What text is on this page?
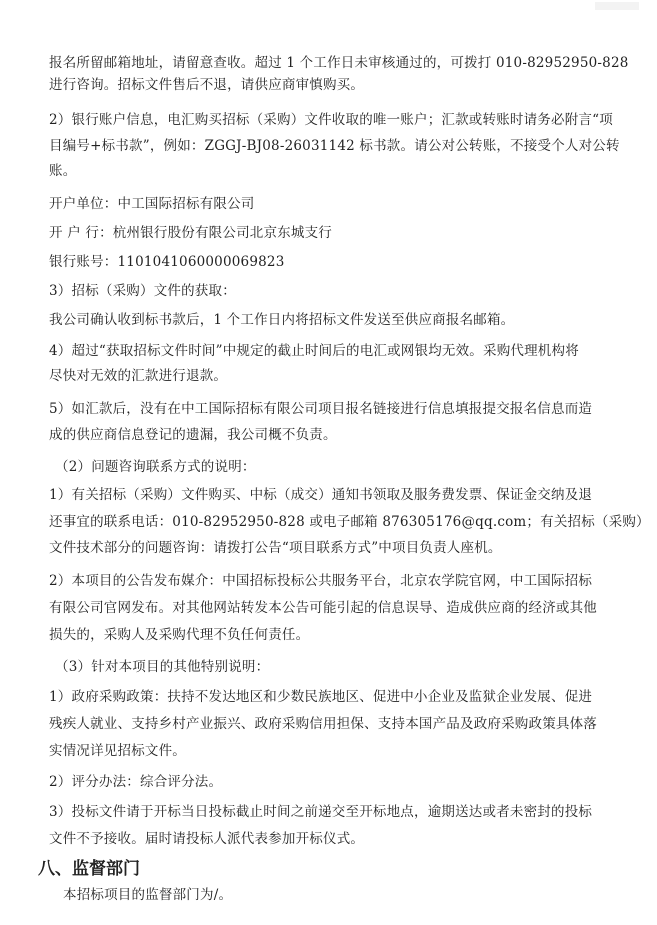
报名所留邮箱地址，请留意查收。超过 1 个工作日未审核通过的，可拨打 010-82952950-828
进行咨询。招标文件售后不退，请供应商审慎购买。
2）银行账户信息，电汇购买招标（采购）文件收取的唯一账户；汇款或转账时请务必附言“项
目编号+标书款”，例如：ZGGJ-BJ08-26031142 标书款。请公对公转账，不接受个人对公转
账。
开户单位：中工国际招标有限公司
开 户 行：杭州银行股份有限公司北京东城支行
银行账号：1101041060000069823
3）招标（采购）文件的获取：
我公司确认收到标书款后，1 个工作日内将招标文件发送至供应商报名邮箱。
4）超过“获取招标文件时间”中规定的截止时间后的电汇或网银均无效。采购代理机构将
尽快对无效的汇款进行退款。
5）如汇款后，没有在中工国际招标有限公司项目报名链接进行信息填报提交报名信息而造
成的供应商信息登记的遗漏，我公司概不负责。
（2）问题咨询联系方式的说明：
1）有关招标（采购）文件购买、中标（成交）通知书领取及服务费发票、保证金交纳及退
还事宜的联系电话：010-82952950-828 或电子邮箱 876305176@qq.com；有关招标（采购）
文件技术部分的问题咨询：请拨打公告“项目联系方式”中项目负责人座机。
2）本项目的公告发布媒介：中国招标投标公共服务平台，北京农学院官网，中工国际招标
有限公司官网发布。对其他网站转发本公告可能引起的信息误导、造成供应商的经济或其他
损失的，采购人及采购代理不负任何责任。
（3）针对本项目的其他特别说明：
1）政府采购政策：扶持不发达地区和少数民族地区、促进中小企业及监狱企业发展、促进
残疾人就业、支持乡村产业振兴、政府采购信用担保、支持本国产品及政府采购政策具体落
实情况详见招标文件。
2）评分办法：综合评分法。
3）投标文件请于开标当日投标截止时间之前递交至开标地点，逾期送达或者未密封的投标
文件不予接收。届时请投标人派代表参加开标仪式。
八、监督部门
本招标项目的监督部门为/。
